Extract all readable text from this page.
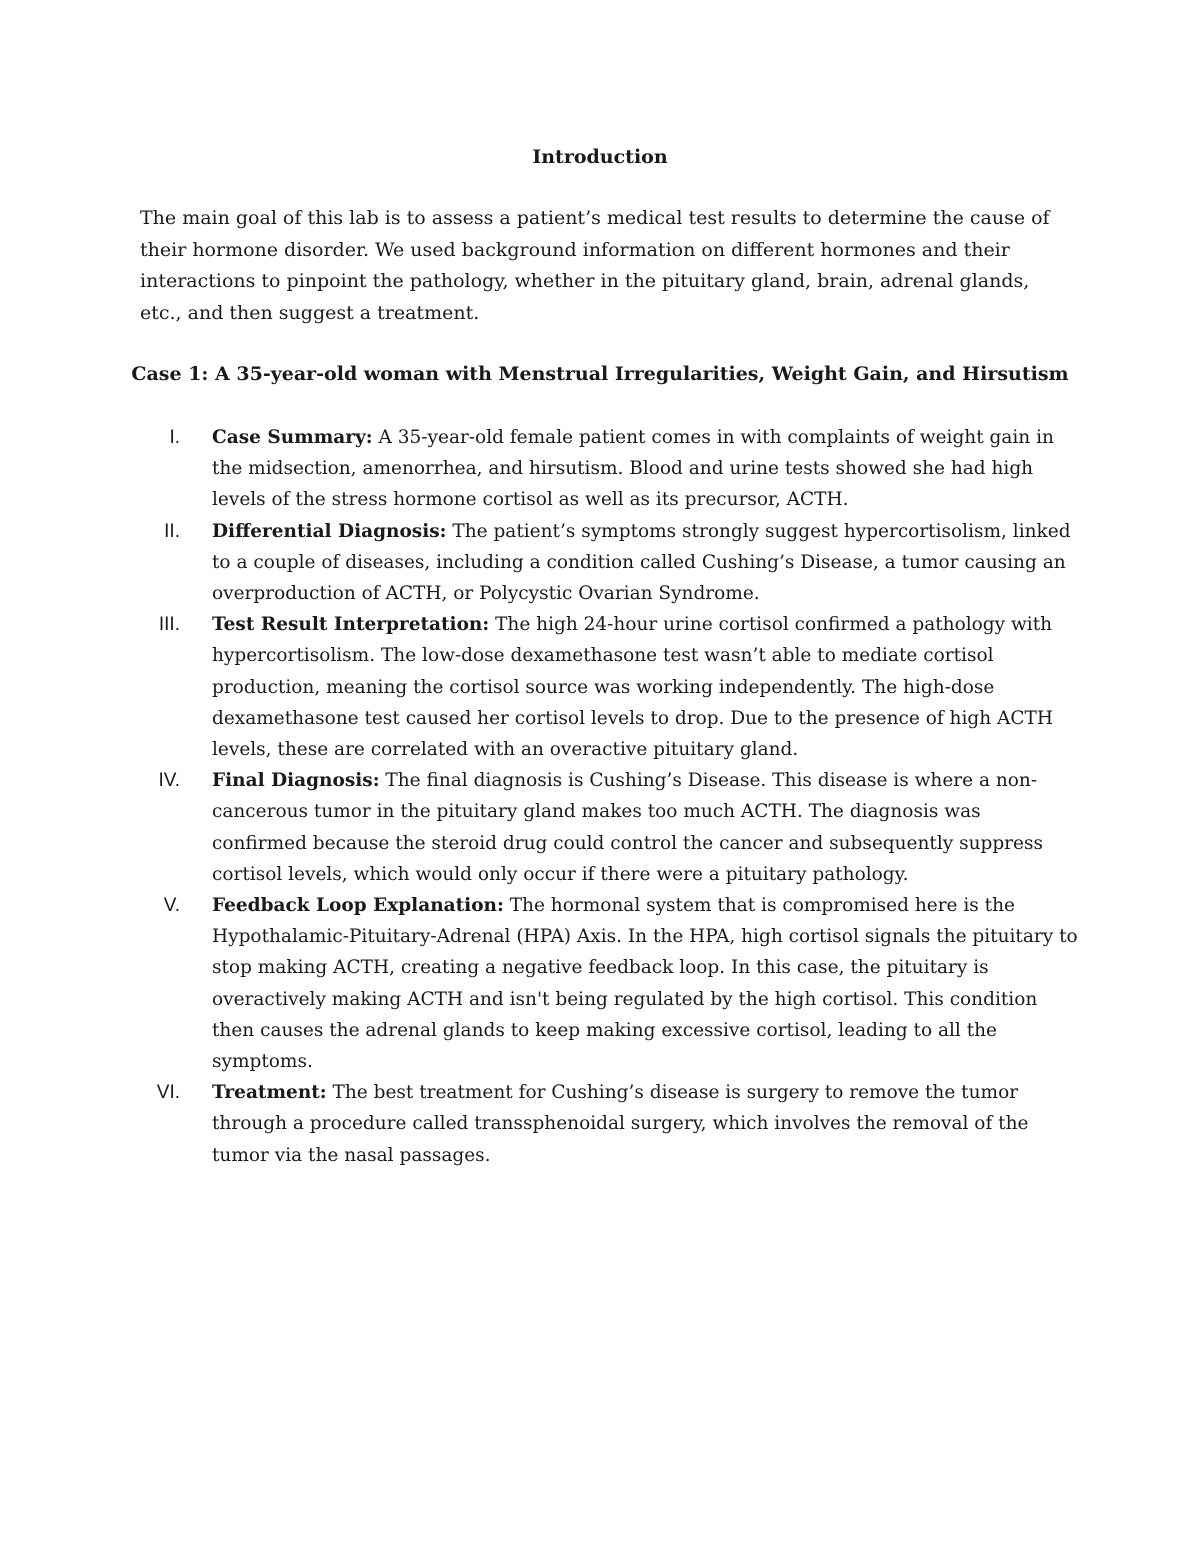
Introduction

The main goal of this lab is to assess a patient’s medical test results to determine the cause of their hormone disorder. We used background information on different hormones and their interactions to pinpoint the pathology, whether in the pituitary gland, brain, adrenal glands, etc., and then suggest a treatment.

Case 1: A 35-year-old woman with Menstrual Irregularities, Weight Gain, and Hirsutism
I. Case Summary: A 35-year-old female patient comes in with complaints of weight gain in the midsection, amenorrhea, and hirsutism. Blood and urine tests showed she had high levels of the stress hormone cortisol as well as its precursor, ACTH.
II. Differential Diagnosis: The patient’s symptoms strongly suggest hypercortisolism, linked to a couple of diseases, including a condition called Cushing’s Disease, a tumor causing an overproduction of ACTH, or Polycystic Ovarian Syndrome.
III. Test Result Interpretation: The high 24-hour urine cortisol confirmed a pathology with hypercortisolism. The low-dose dexamethasone test wasn’t able to mediate cortisol production, meaning the cortisol source was working independently. The high-dose dexamethasone test caused her cortisol levels to drop. Due to the presence of high ACTH levels, these are correlated with an overactive pituitary gland.
IV. Final Diagnosis: The final diagnosis is Cushing’s Disease. This disease is where a non-cancerous tumor in the pituitary gland makes too much ACTH. The diagnosis was confirmed because the steroid drug could control the cancer and subsequently suppress cortisol levels, which would only occur if there were a pituitary pathology.
V. Feedback Loop Explanation: The hormonal system that is compromised here is the Hypothalamic-Pituitary-Adrenal (HPA) Axis. In the HPA, high cortisol signals the pituitary to stop making ACTH, creating a negative feedback loop. In this case, the pituitary is overactively making ACTH and isn't being regulated by the high cortisol. This condition then causes the adrenal glands to keep making excessive cortisol, leading to all the symptoms.
VI. Treatment: The best treatment for Cushing’s disease is surgery to remove the tumor through a procedure called transsphenoidal surgery, which involves the removal of the tumor via the nasal passages.
